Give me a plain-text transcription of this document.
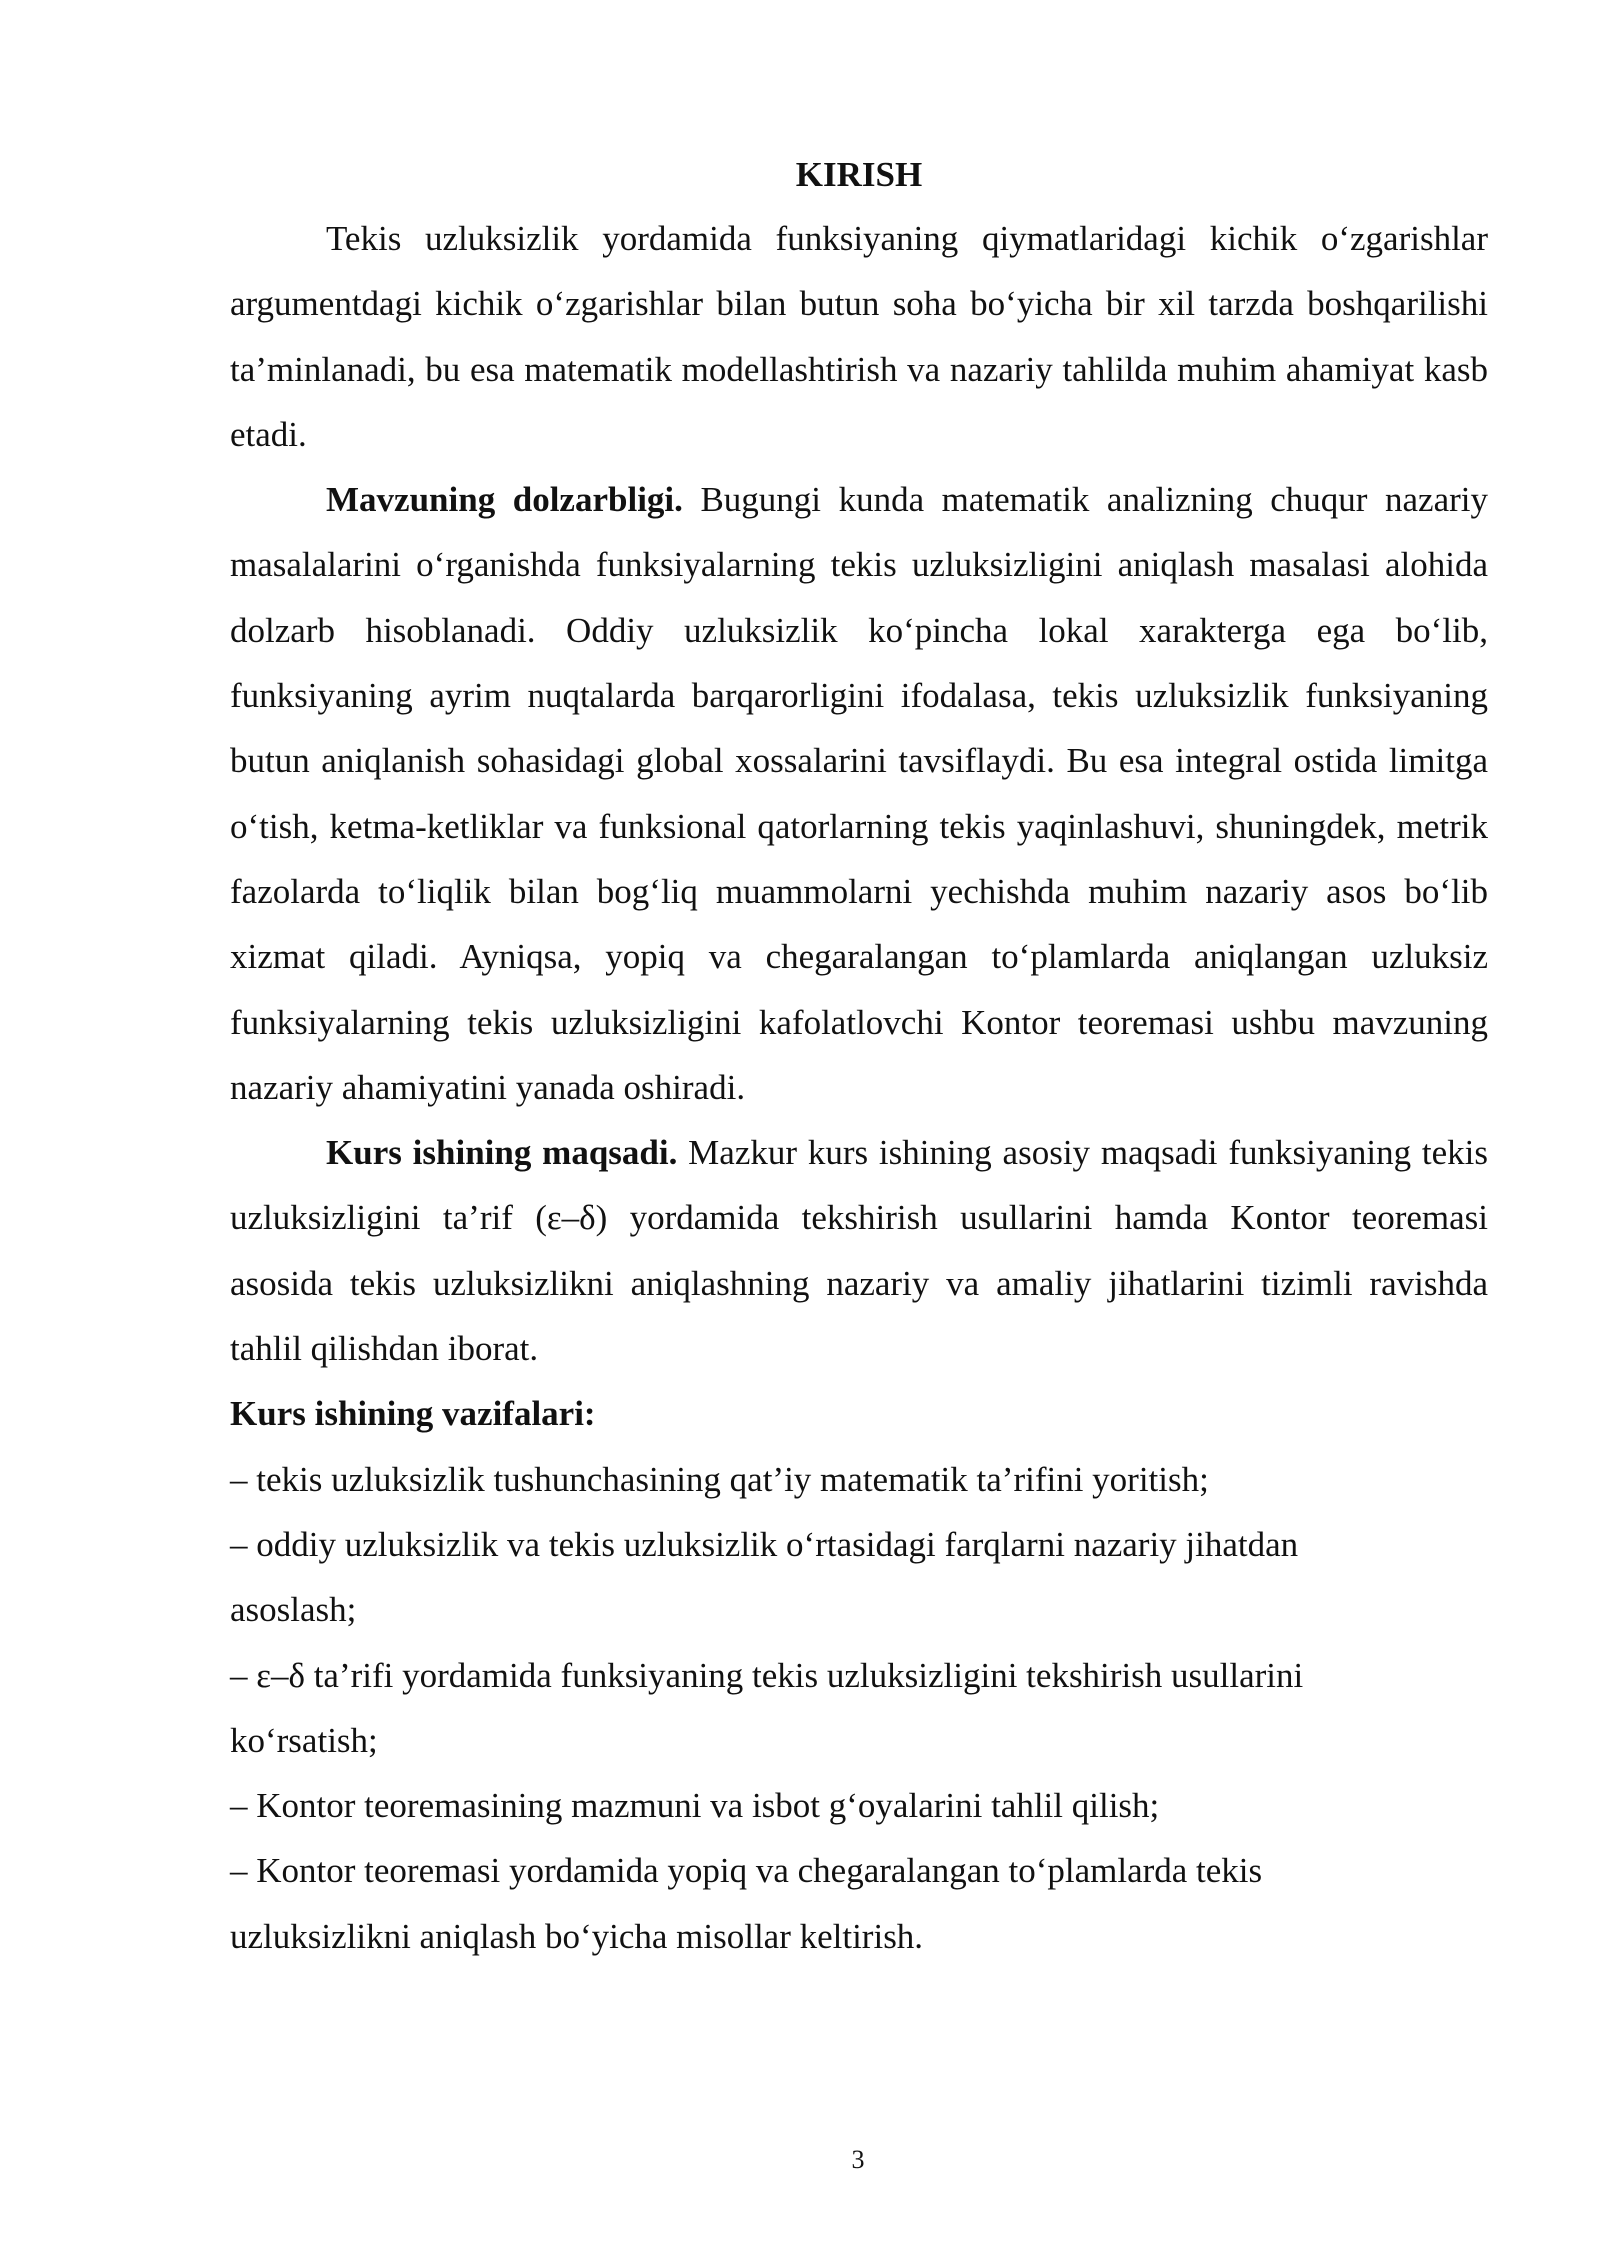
KIRISH

Tekis uzluksizlik yordamida funksiyaning qiymatlaridagi kichik o‘zgarishlar argumentdagi kichik o‘zgarishlar bilan butun soha bo‘yicha bir xil tarzda boshqarilishi ta’minlanadi, bu esa matematik modellashtirish va nazariy tahlilda muhim ahamiyat kasb etadi.

Mavzuning dolzarbligi. Bugungi kunda matematik analizning chuqur nazariy masalalarini o‘rganishda funksiyalarning tekis uzluksizligini aniqlash masalasi alohida dolzarb hisoblanadi. Oddiy uzluksizlik ko‘pincha lokal xarakterga ega bo‘lib, funksiyaning ayrim nuqtalarda barqarorligini ifodalasa, tekis uzluksizlik funksiyaning butun aniqlanish sohasidagi global xossalarini tavsiflaydi. Bu esa integral ostida limitga o‘tish, ketma-ketliklar va funksional qatorlarning tekis yaqinlashuvi, shuningdek, metrik fazolarda to‘liqlik bilan bog‘liq muammolarni yechishda muhim nazariy asos bo‘lib xizmat qiladi. Ayniqsa, yopiq va chegaralangan to‘plamlarda aniqlangan uzluksiz funksiyalarning tekis uzluksizligini kafolatlovchi Kontor teoremasi ushbu mavzuning nazariy ahamiyatini yanada oshiradi.

Kurs ishining maqsadi. Mazkur kurs ishining asosiy maqsadi funksiyaning tekis uzluksizligini ta’rif (ε–δ) yordamida tekshirish usullarini hamda Kontor teoremasi asosida tekis uzluksizlikni aniqlashning nazariy va amaliy jihatlarini tizimli ravishda tahlil qilishdan iborat.

Kurs ishining vazifalari:

– tekis uzluksizlik tushunchasining qat’iy matematik ta’rifini yoritish;
– oddiy uzluksizlik va tekis uzluksizlik o‘rtasidagi farqlarni nazariy jihatdan asoslash;
– ε–δ ta’rifi yordamida funksiyaning tekis uzluksizligini tekshirish usullarini ko‘rsatish;
– Kontor teoremasining mazmuni va isbot g‘oyalarini tahlil qilish;
– Kontor teoremasi yordamida yopiq va chegaralangan to‘plamlarda tekis uzluksizlikni aniqlash bo‘yicha misollar keltirish.
3
